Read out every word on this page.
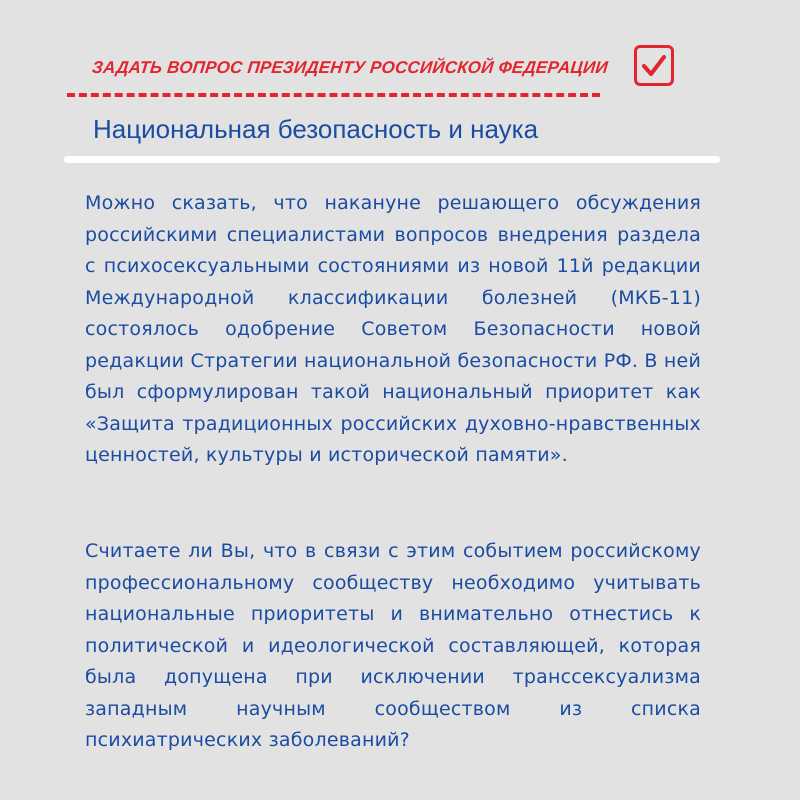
ЗАДАТЬ ВОПРОС ПРЕЗИДЕНТУ РОССИЙСКОЙ ФЕДЕРАЦИИ
Национальная безопасность и наука

Можно сказать, что накануне решающего обсуждения российскими специалистами вопросов внедрения раздела с психосексуальными состояниями из новой 11й редакции Международной классификации болезней (МКБ-11) состоялось одобрение Советом Безопасности новой редакции Стратегии национальной безопасности РФ. В ней был сформулирован такой национальный приоритет как «Защита традиционных российских духовно-нравственных ценностей, культуры и исторической памяти».

Считаете ли Вы, что в связи с этим событием российскому профессиональному сообществу необходимо учитывать национальные приоритеты и внимательно отнестись к политической и идеологической составляющей, которая была допущена при исключении транссексуализма западным научным сообществом из списка психиатрических заболеваний?
